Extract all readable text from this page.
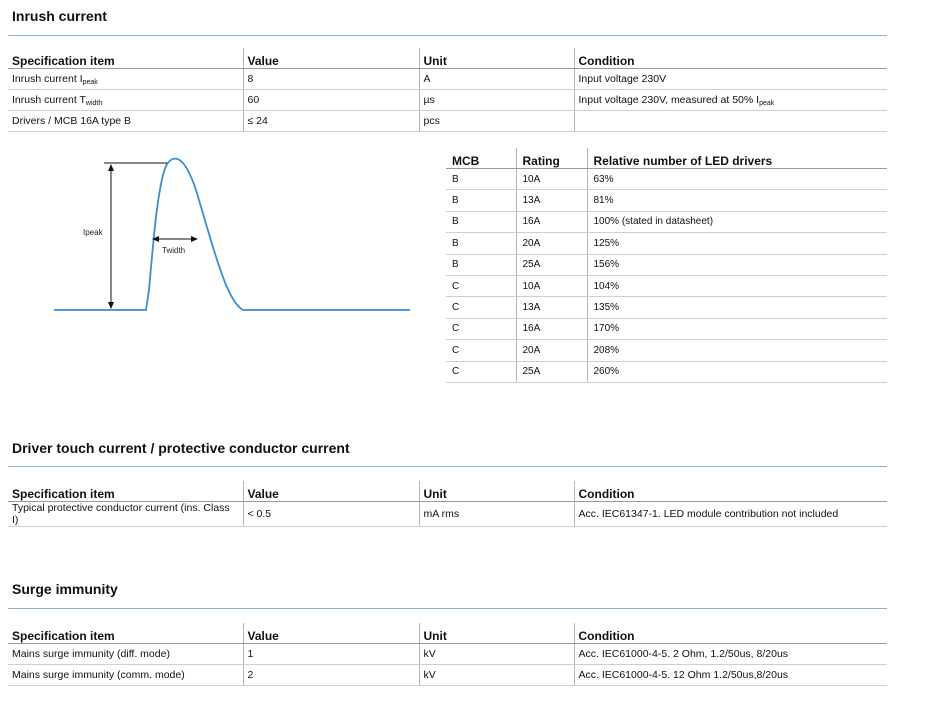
Inrush current
Specification item	Value	Unit	Condition
Inrush current $I_{peak}$	8	A	Input voltage 230V
Inrush current $T_{width}$	60	µs	Input voltage 230V, measured at 50% $I_{peak}$
Drivers / MCB 16A type B	≤ 24	pcs	
Ipeak
Twidth
MCB	Rating	Relative number of LED drivers
B	10A	63%
B	13A	81%
B	16A	100% (stated in datasheet)
B	20A	125%
B	25A	156%
C	10A	104%
C	13A	135%
C	16A	170%
C	20A	208%
C	25A	260%
Driver touch current / protective conductor current
Specification item	Value	Unit	Condition
Typical protective conductor current (ins. Class I)	< 0.5	mA rms	Acc. IEC61347-1. LED module contribution not included
Surge immunity
Specification item	Value	Unit	Condition
Mains surge immunity (diff. mode)	1	kV	Acc. IEC61000-4-5. 2 Ohm, 1.2/50us, 8/20us
Mains surge immunity (comm. mode)	2	kV	Acc. IEC61000-4-5. 12 Ohm 1.2/50us,8/20us
